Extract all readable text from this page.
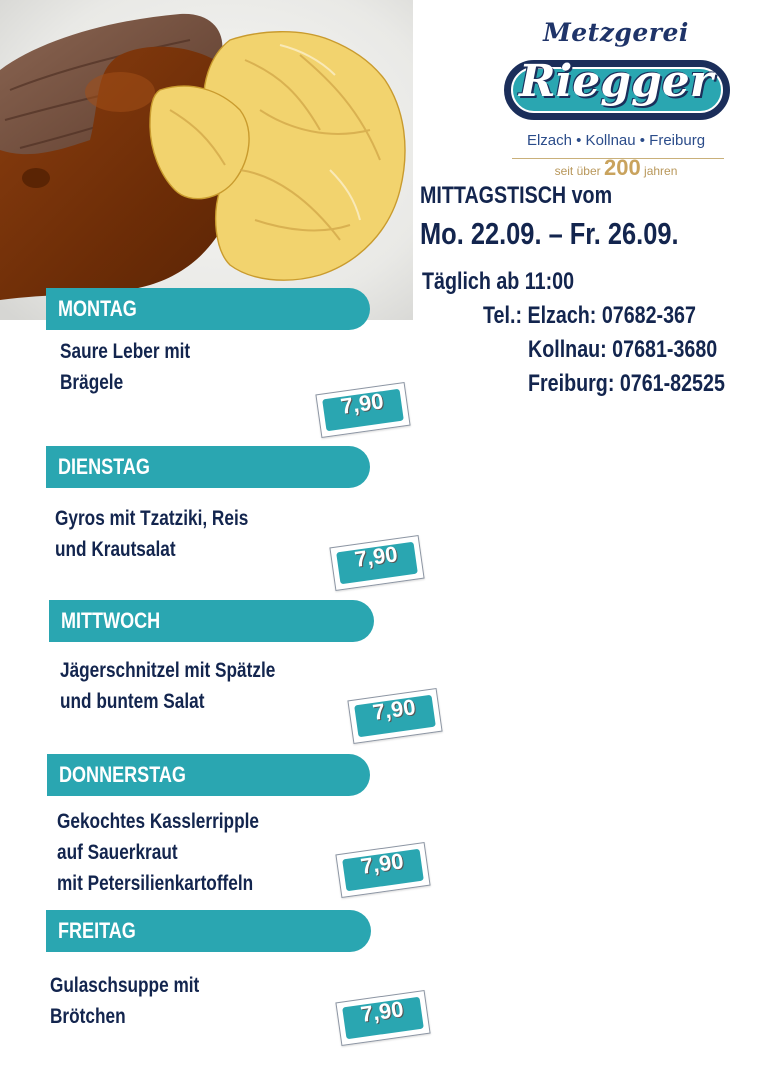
Metzgerei
Riegger
Elzach • Kollnau • Freiburg
seit über 200 jahren
MITTAGSTISCH vom
Mo. 22.09. – Fr. 26.09.
Täglich ab 11:00
Tel.: Elzach: 07682-367
Kollnau: 07681-3680
Freiburg: 0761-82525
MONTAG
Saure Leber mit
Brägele
7,90
DIENSTAG
Gyros mit Tzatziki, Reis
und Krautsalat	7,90
MITTWOCH
Jägerschnitzel mit Spätzle
und buntem Salat	7,90
DONNERSTAG
Gekochtes Kasslerripple
auf Sauerkraut
mit Petersilienkartoffeln
7,90
FREITAG
Gulaschsuppe mit
Brötchen	7,90
